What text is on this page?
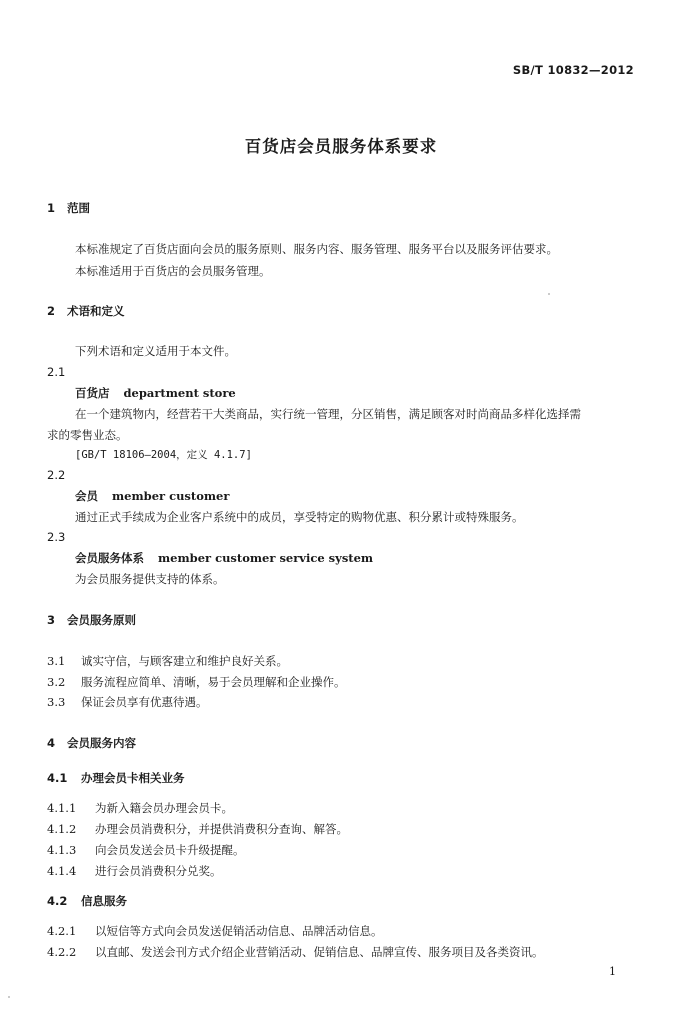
SB/T 10832—2012
百货店会员服务体系要求
1 范围
本标准规定了百货店面向会员的服务原则、服务内容、服务管理、服务平台以及服务评估要求。
本标准适用于百货店的会员服务管理。
2 术语和定义
下列术语和定义适用于本文件。
2.1
百货店 department store
在一个建筑物内，经营若干大类商品，实行统一管理，分区销售，满足顾客对时尚商品多样化选择需
求的零售业态。
[GB/T 18106—2004，定义 4.1.7]
2.2
会员 member customer
通过正式手续成为企业客户系统中的成员，享受特定的购物优惠、积分累计或特殊服务。
2.3
会员服务体系 member customer service system
为会员服务提供支持的体系。
3 会员服务原则
3.1 诚实守信，与顾客建立和维护良好关系。
3.2 服务流程应简单、清晰，易于会员理解和企业操作。
3.3 保证会员享有优惠待遇。
4 会员服务内容
4.1 办理会员卡相关业务
4.1.1 为新入籍会员办理会员卡。
4.1.2 办理会员消费积分，并提供消费积分查询、解答。
4.1.3 向会员发送会员卡升级提醒。
4.1.4 进行会员消费积分兑奖。
4.2 信息服务
4.2.1 以短信等方式向会员发送促销活动信息、品牌活动信息。
4.2.2 以直邮、发送会刊方式介绍企业营销活动、促销信息、品牌宣传、服务项目及各类资讯。
1
